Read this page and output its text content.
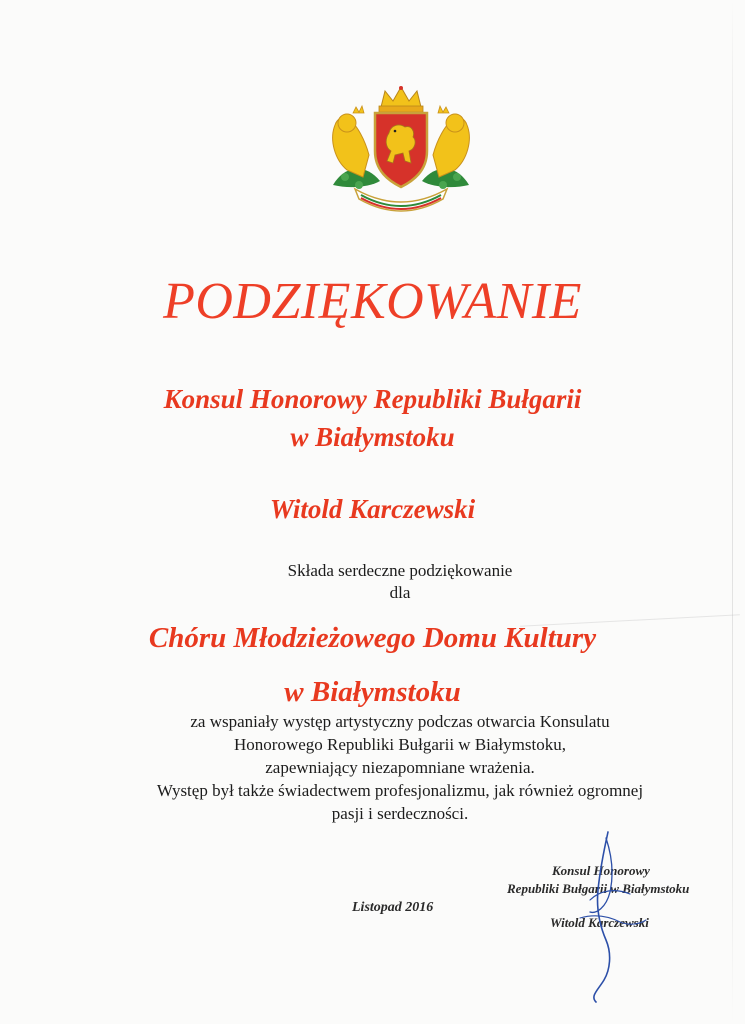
PODZIĘKOWANIE
Konsul Honorowy Republiki Bułgarii
w Białymstoku
Witold Karczewski
Składa serdeczne podziękowanie
dla
Chóru Młodzieżowego Domu Kultury
w Białymstoku
za wspaniały występ artystyczny podczas otwarcia Konsulatu
Honorowego Republiki Bułgarii w Białymstoku,
zapewniający niezapomniane wrażenia.
Występ był także świadectwem profesjonalizmu, jak również ogromnej
pasji i serdeczności.
Listopad 2016
Konsul Honorowy
Republiki Bułgarii w Białymstoku
Witold Karczewski
